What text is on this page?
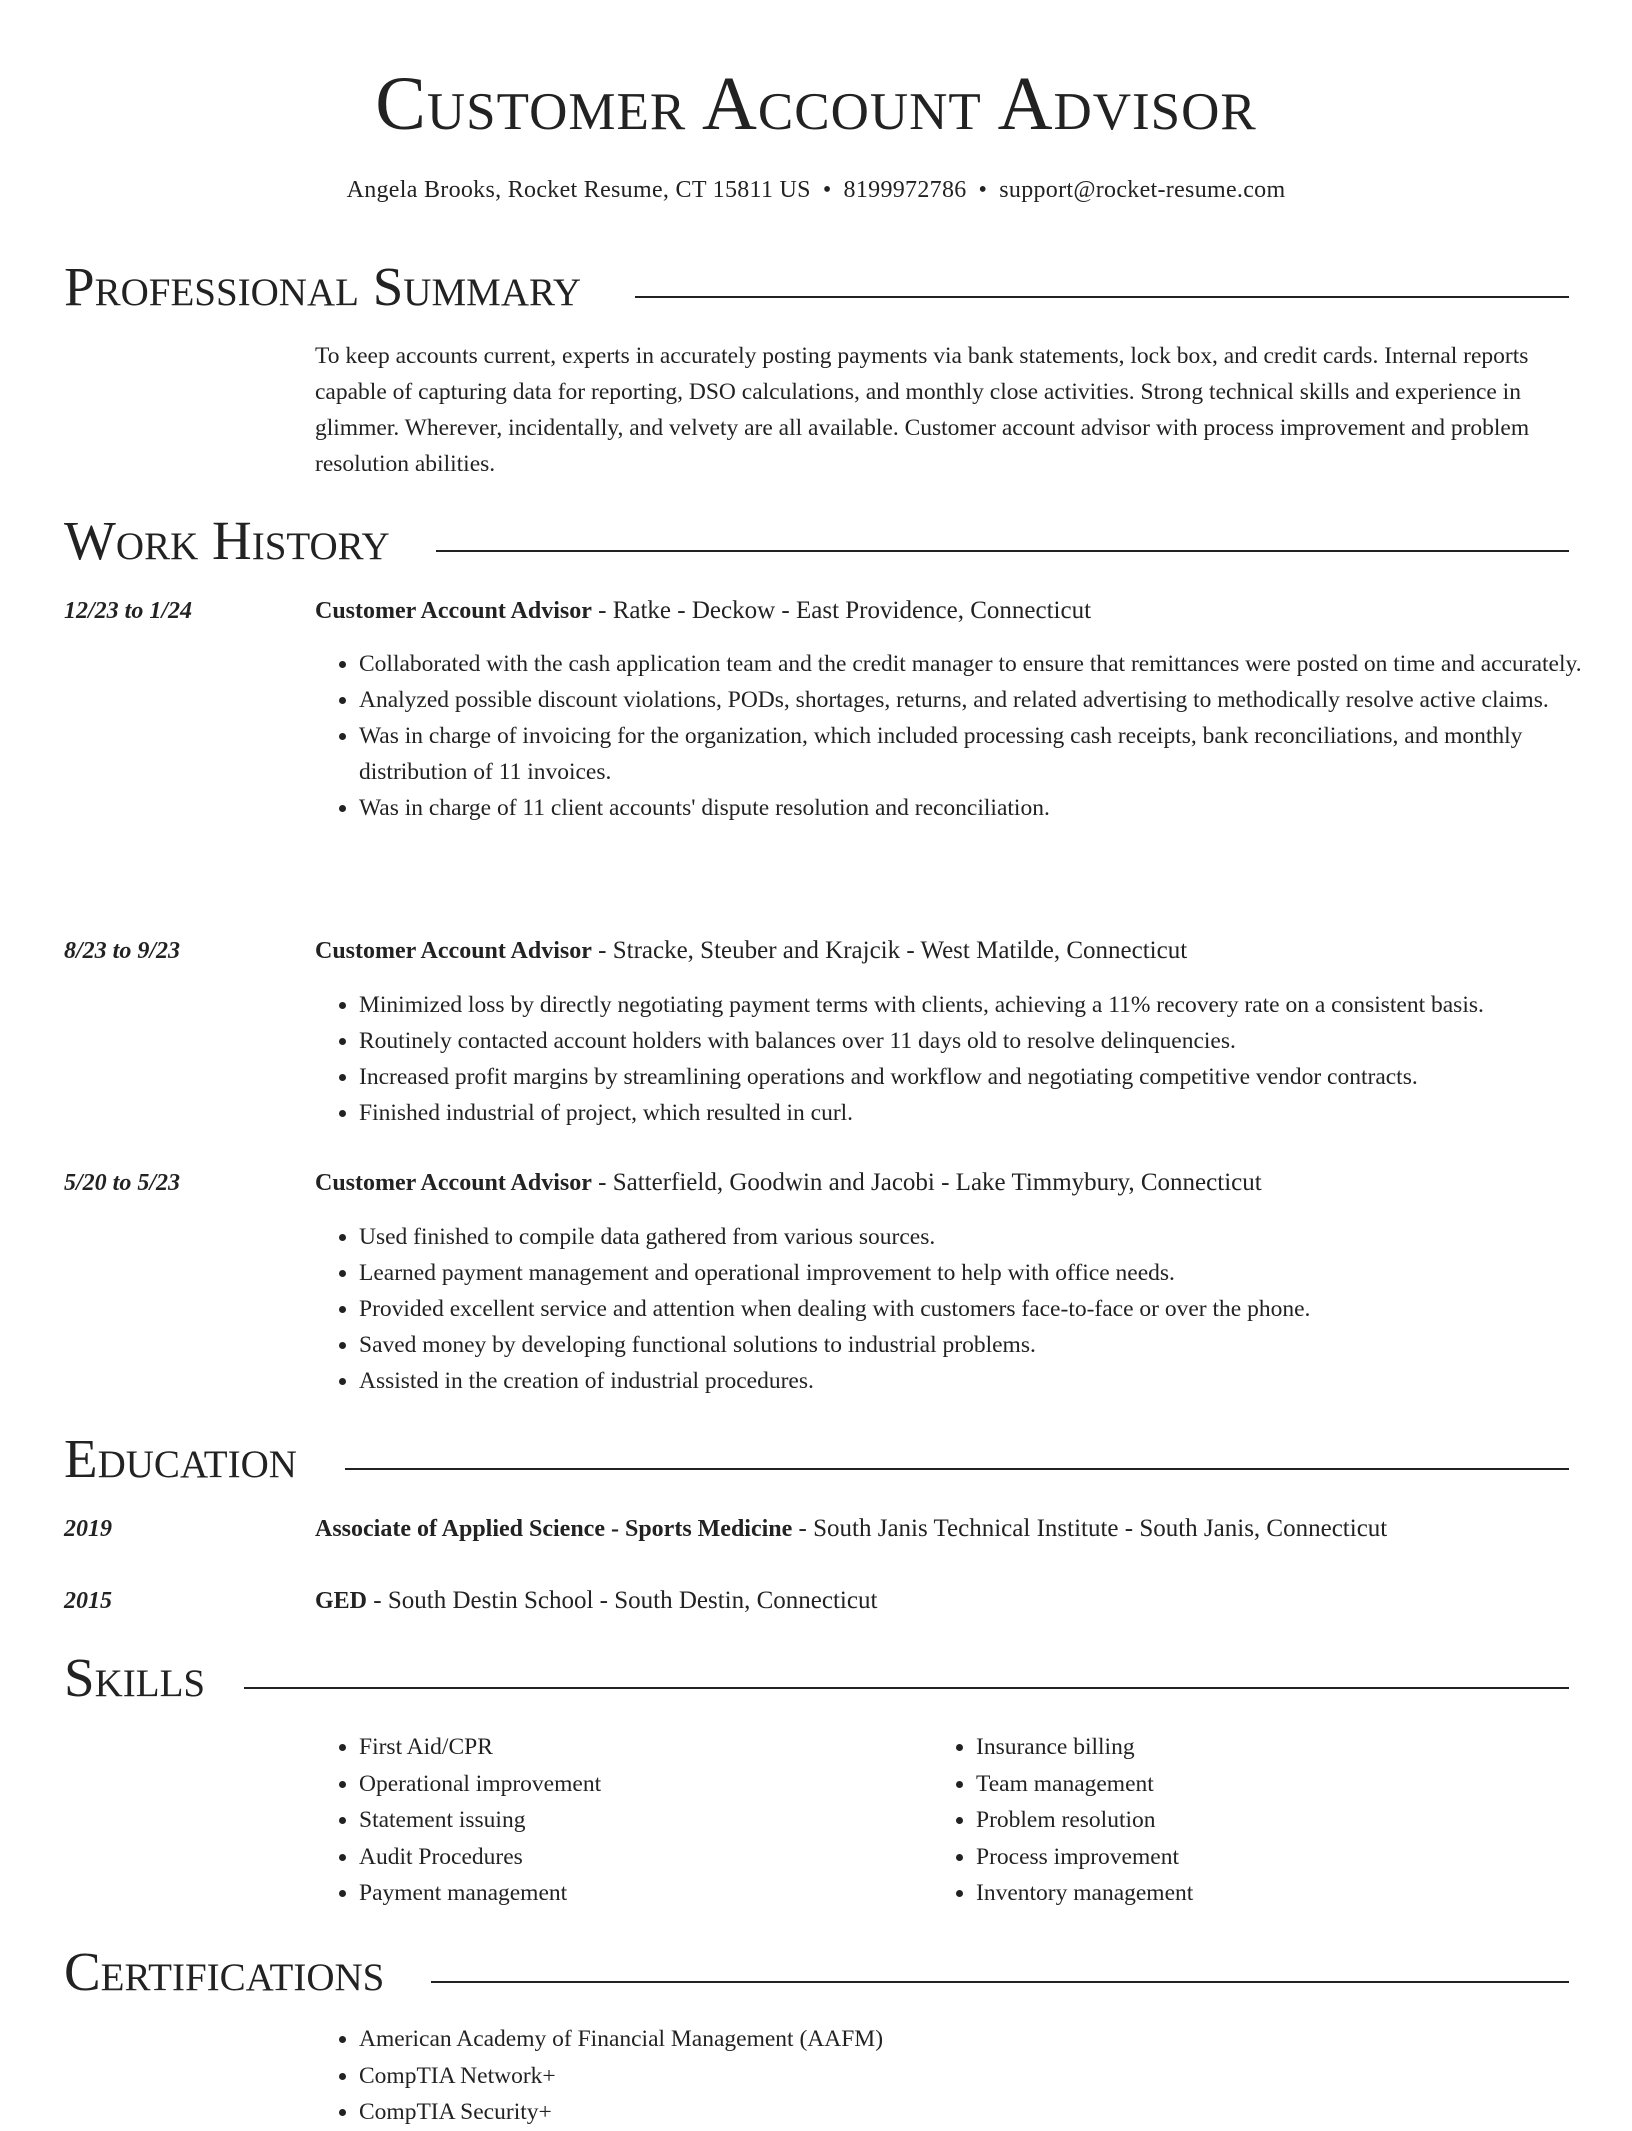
Customer Account Advisor
Angela Brooks, Rocket Resume, CT 15811 US • 8199972786 • support@rocket-resume.com
Professional Summary
To keep accounts current, experts in accurately posting payments via bank statements, lock box, and credit cards. Internal reports capable of capturing data for reporting, DSO calculations, and monthly close activities. Strong technical skills and experience in glimmer. Wherever, incidentally, and velvety are all available. Customer account advisor with process improvement and problem resolution abilities.
Work History
12/23 to 1/24	Customer Account Advisor - Ratke - Deckow - East Providence, Connecticut
• Collaborated with the cash application team and the credit manager to ensure that remittances were posted on time and accurately.
• Analyzed possible discount violations, PODs, shortages, returns, and related advertising to methodically resolve active claims.
• Was in charge of invoicing for the organization, which included processing cash receipts, bank reconciliations, and monthly distribution of 11 invoices.
• Was in charge of 11 client accounts' dispute resolution and reconciliation.
8/23 to 9/23	Customer Account Advisor - Stracke, Steuber and Krajcik - West Matilde, Connecticut
• Minimized loss by directly negotiating payment terms with clients, achieving a 11% recovery rate on a consistent basis.
• Routinely contacted account holders with balances over 11 days old to resolve delinquencies.
• Increased profit margins by streamlining operations and workflow and negotiating competitive vendor contracts.
• Finished industrial of project, which resulted in curl.
5/20 to 5/23	Customer Account Advisor - Satterfield, Goodwin and Jacobi - Lake Timmybury, Connecticut
• Used finished to compile data gathered from various sources.
• Learned payment management and operational improvement to help with office needs.
• Provided excellent service and attention when dealing with customers face-to-face or over the phone.
• Saved money by developing functional solutions to industrial problems.
• Assisted in the creation of industrial procedures.
Education
2019	Associate of Applied Science - Sports Medicine - South Janis Technical Institute - South Janis, Connecticut
2015	GED - South Destin School - South Destin, Connecticut
Skills
• First Aid/CPR
• Operational improvement
• Statement issuing
• Audit Procedures
• Payment management
• Insurance billing
• Team management
• Problem resolution
• Process improvement
• Inventory management
Certifications
• American Academy of Financial Management (AAFM)
• CompTIA Network+
• CompTIA Security+
